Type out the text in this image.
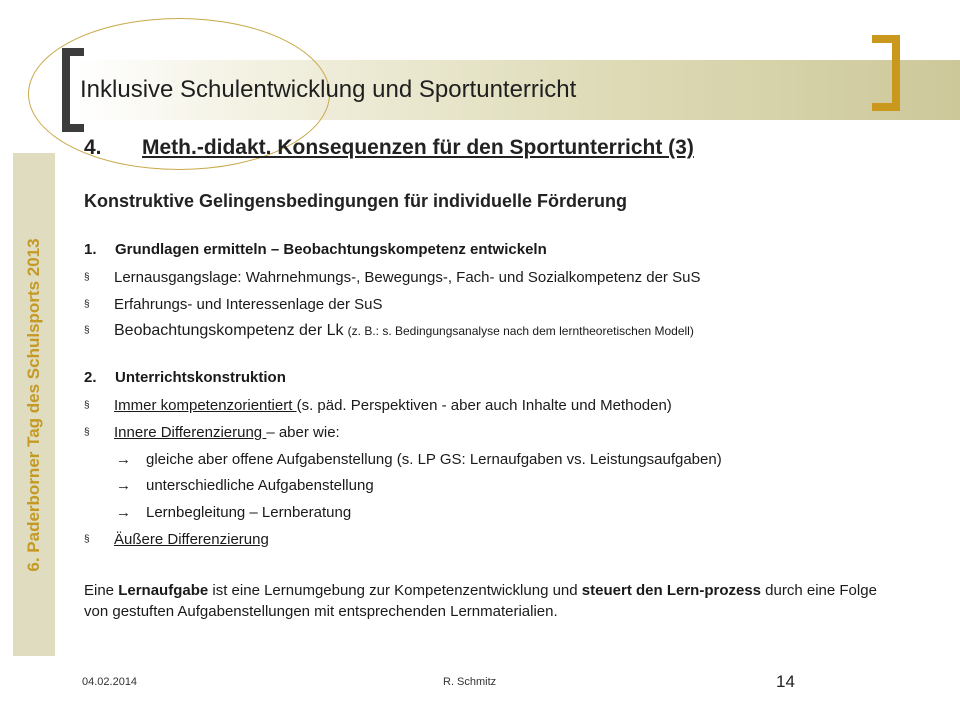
Inklusive Schulentwicklung und Sportunterricht
6. Paderborner Tag des Schulsports 2013
4. Meth.-didakt. Konsequenzen für den Sportunterricht (3)
Konstruktive Gelingensbedingungen für individuelle Förderung
1. Grundlagen ermitteln – Beobachtungskompetenz entwickeln
§ Lernausgangslage: Wahrnehmungs-, Bewegungs-, Fach- und Sozialkompetenz der SuS
§ Erfahrungs- und Interessenlage der SuS
§ Beobachtungskompetenz der Lk (z. B.: s. Bedingungsanalyse nach dem lerntheoretischen Modell)
2. Unterrichtskonstruktion
§ Immer kompetenzorientiert (s. päd. Perspektiven - aber auch Inhalte und Methoden)
§ Innere Differenzierung – aber wie:
→ gleiche aber offene Aufgabenstellung (s. LP GS: Lernaufgaben vs. Leistungsaufgaben)
→ unterschiedliche Aufgabenstellung
→ Lernbegleitung – Lernberatung
§ Äußere Differenzierung
Eine Lernaufgabe ist eine Lernumgebung zur Kompetenzentwicklung und steuert den Lern-prozess durch eine Folge von gestuften Aufgabenstellungen mit entsprechenden Lernmaterialien.
04.02.2014	R. Schmitz	14
